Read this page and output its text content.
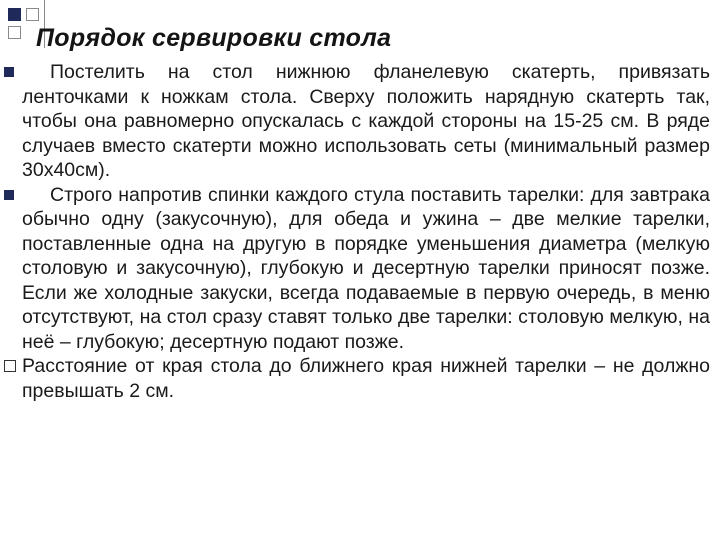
Порядок сервировки стола

Постелить на стол нижнюю фланелевую скатерть, привязать ленточками к ножкам стола. Сверху положить нарядную скатерть так, чтобы она равномерно опускалась с каждой стороны на 15-25 см. В ряде случаев вместо скатерти можно использовать сеты (минимальный размер 30х40см).

Строго напротив спинки каждого стула поставить тарелки: для завтрака обычно одну (закусочную), для обеда и ужина – две мелкие тарелки, поставленные одна на другую в порядке уменьшения диаметра (мелкую столовую и закусочную), глубокую и десертную тарелки приносят позже. Если же холодные закуски, всегда подаваемые в первую очередь, в меню отсутствуют, на стол сразу ставят только две тарелки: столовую мелкую, на неё – глубокую; десертную подают позже.

Расстояние от края стола до ближнего края нижней тарелки – не должно превышать 2 см.
